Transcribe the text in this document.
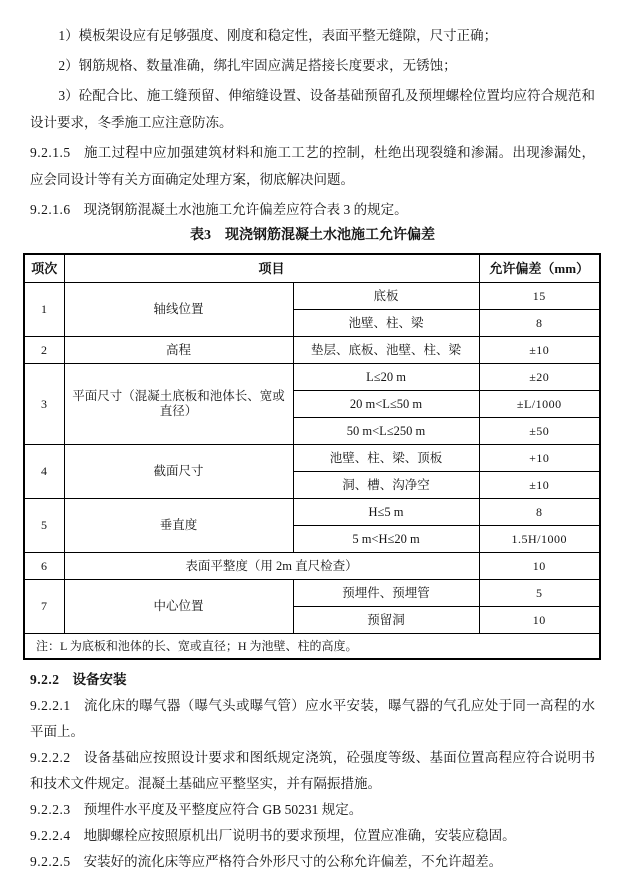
1）模板架设应有足够强度、刚度和稳定性，表面平整无缝隙，尺寸正确；

2）钢筋规格、数量准确，绑扎牢固应满足搭接长度要求，无锈蚀；

3）砼配合比、施工缝预留、伸缩缝设置、设备基础预留孔及预埋螺栓位置均应符合规范和设计要求，冬季施工应注意防冻。

9.2.1.5 施工过程中应加强建筑材料和施工工艺的控制，杜绝出现裂缝和渗漏。出现渗漏处，应会同设计等有关方面确定处理方案，彻底解决问题。

9.2.1.6 现浇钢筋混凝土水池施工允许偏差应符合表 3 的规定。

表3　现浇钢筋混凝土水池施工允许偏差
项次	项目		允许偏差（mm）
1	轴线位置	底板	15
		池壁、柱、梁	8
2	高程	垫层、底板、池壁、柱、梁	±10
3	平面尺寸（混凝土底板和池体长、宽或直径）	L≤20 m	±20
		20 m<L≤50 m	±L/1000
		50 m<L≤250 m	±50
4	截面尺寸	池壁、柱、梁、顶板	+10
		洞、槽、沟净空	±10
5	垂直度	H≤5 m	8
		5 m<H≤20 m	1.5H/1000
6	表面平整度（用 2m 直尺检查）		10
7	中心位置	预埋件、预埋管	5
		预留洞	10
注：L 为底板和池体的长、宽或直径；H 为池壁、柱的高度。			

9.2.2 设备安装

9.2.2.1 流化床的曝气器（曝气头或曝气管）应水平安装，曝气器的气孔应处于同一高程的水平面上。

9.2.2.2 设备基础应按照设计要求和图纸规定浇筑，砼强度等级、基面位置高程应符合说明书和技术文件规定。混凝土基础应平整坚实，并有隔振措施。

9.2.2.3 预埋件水平度及平整度应符合 GB 50231 规定。

9.2.2.4 地脚螺栓应按照原机出厂说明书的要求预埋，位置应准确，安装应稳固。

9.2.2.5 安装好的流化床等应严格符合外形尺寸的公称允许偏差，不允许超差。
